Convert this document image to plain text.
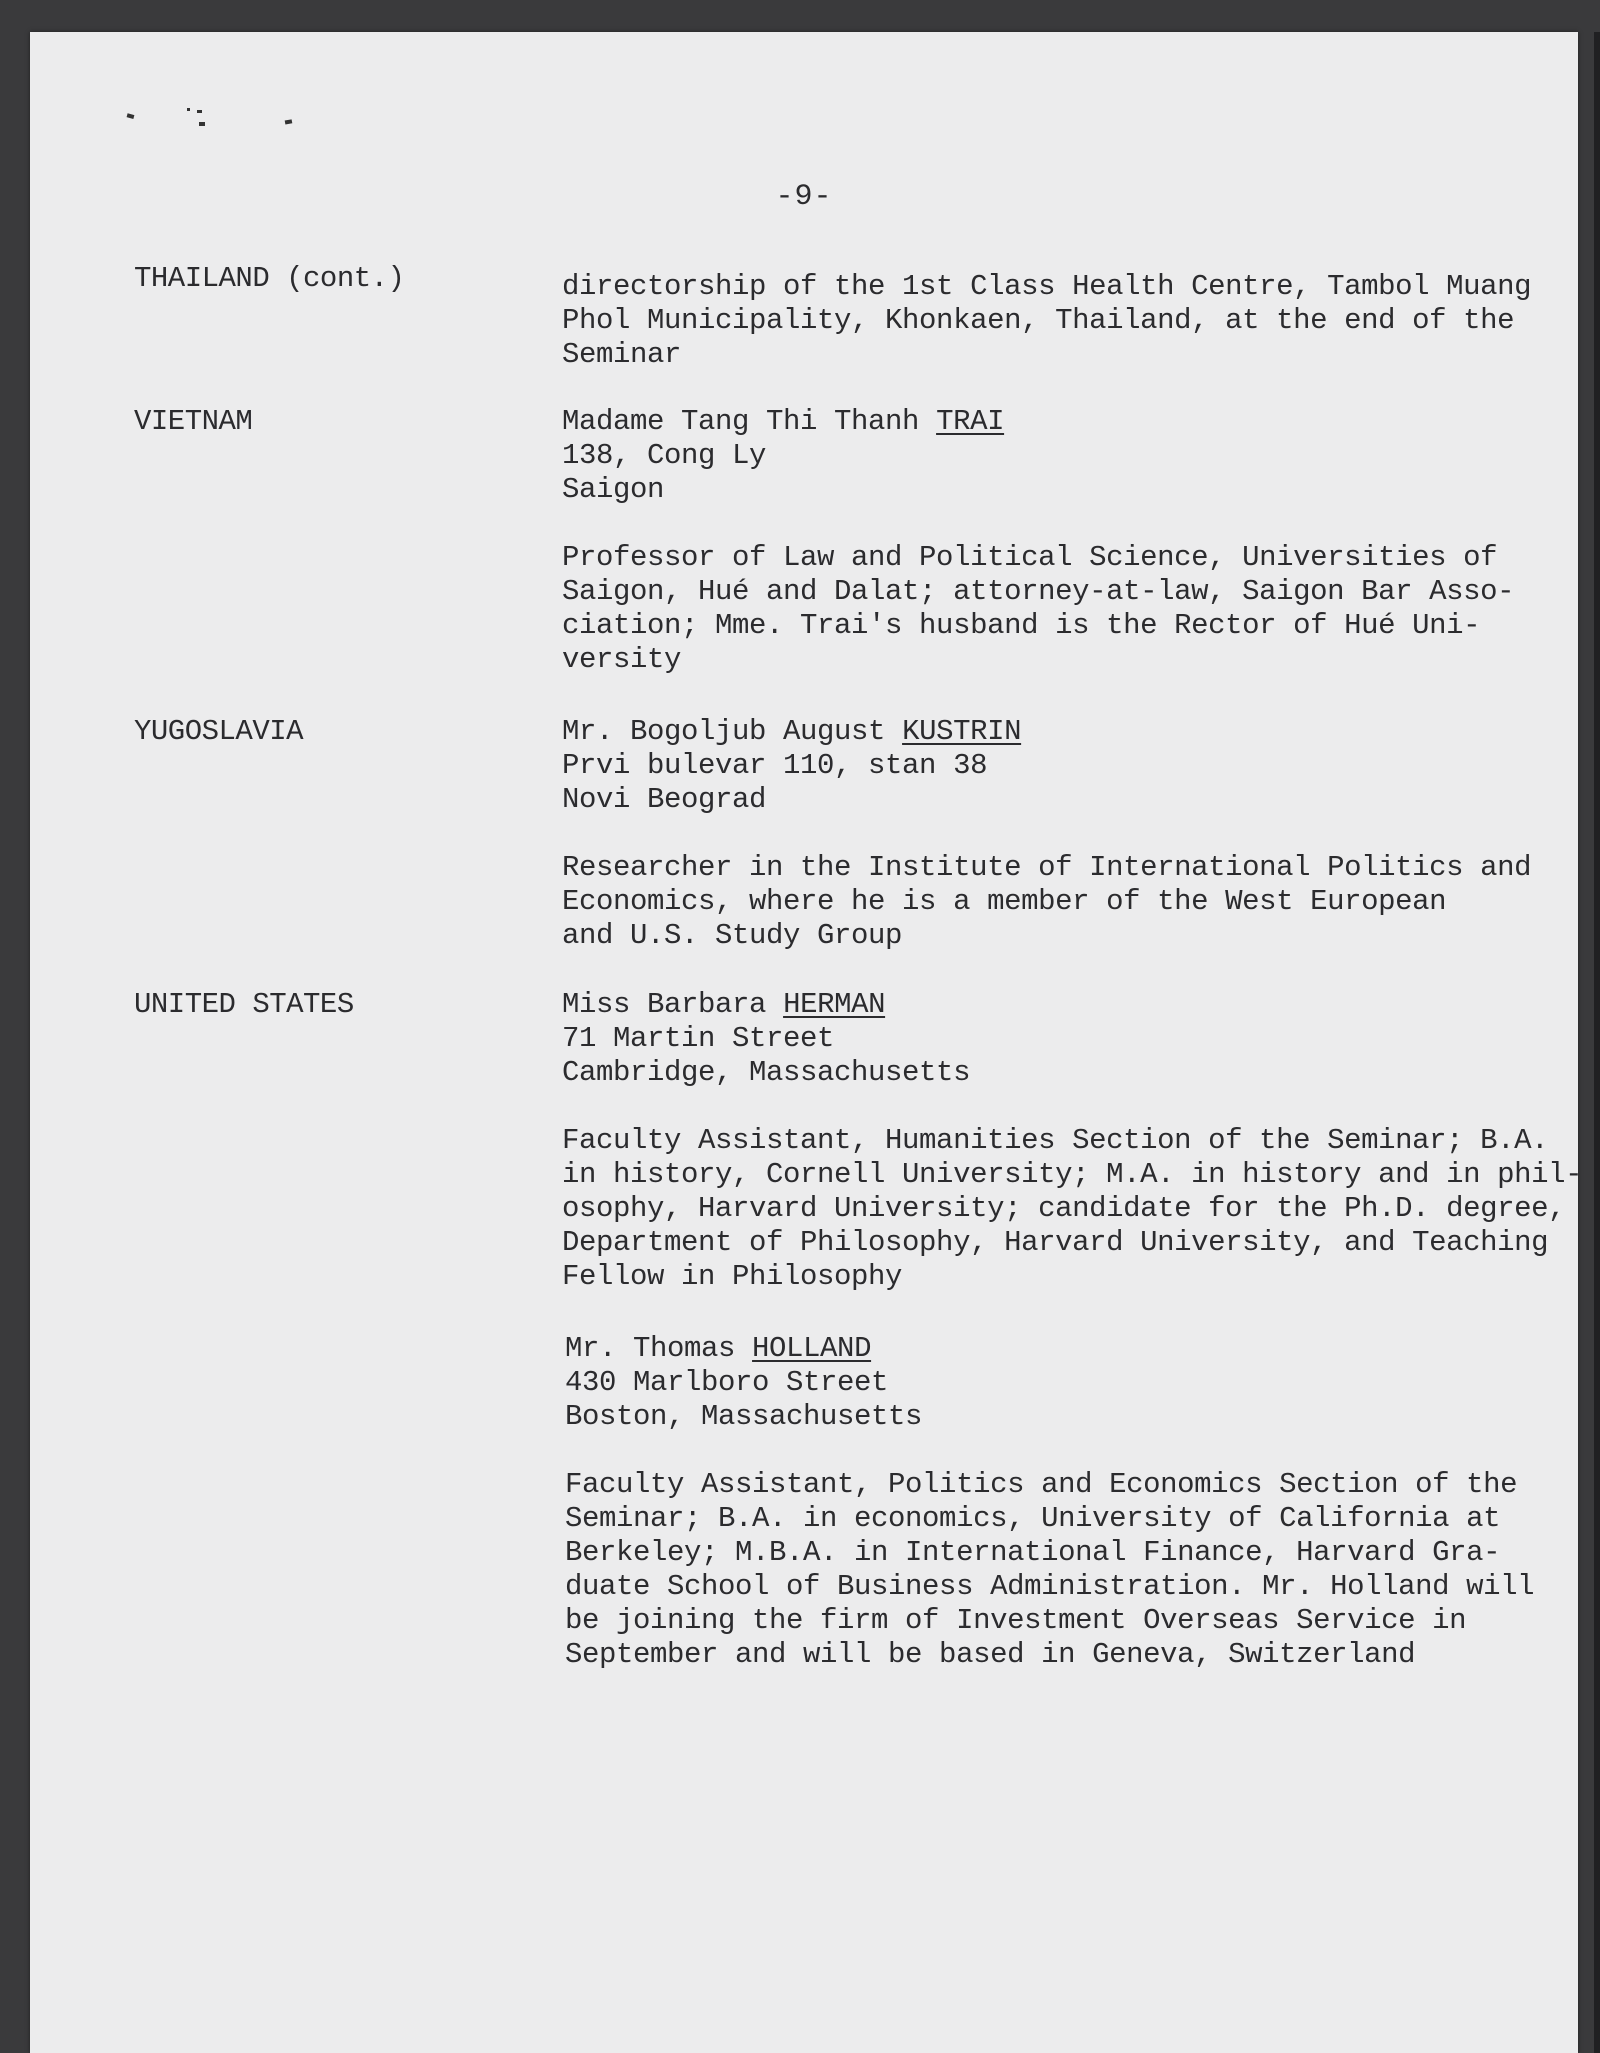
-9-
THAILAND (cont.)	directorship of the 1st Class Health Centre, Tambol Muang
Phol Municipality, Khonkaen, Thailand, at the end of the
Seminar
VIETNAM	Madame Tang Thi Thanh TRAI
138, Cong Ly
Saigon
Professor of Law and Political Science, Universities of
Saigon, Hué and Dalat; attorney-at-law, Saigon Bar Asso-
ciation; Mme. Trai's husband is the Rector of Hué Uni-
versity
YUGOSLAVIA	Mr. Bogoljub August KUSTRIN
Prvi bulevar 110, stan 38
Novi Beograd
Researcher in the Institute of International Politics and
Economics, where he is a member of the West European
and U.S. Study Group
UNITED STATES	Miss Barbara HERMAN
71 Martin Street
Cambridge, Massachusetts
Faculty Assistant, Humanities Section of the Seminar; B.A.
in history, Cornell University; M.A. in history and in phil-
osophy, Harvard University; candidate for the Ph.D. degree,
Department of Philosophy, Harvard University, and Teaching
Fellow in Philosophy
Mr. Thomas HOLLAND
430 Marlboro Street
Boston, Massachusetts
Faculty Assistant, Politics and Economics Section of the
Seminar; B.A. in economics, University of California at
Berkeley; M.B.A. in International Finance, Harvard Gra-
duate School of Business Administration. Mr. Holland will
be joining the firm of Investment Overseas Service in
September and will be based in Geneva, Switzerland
